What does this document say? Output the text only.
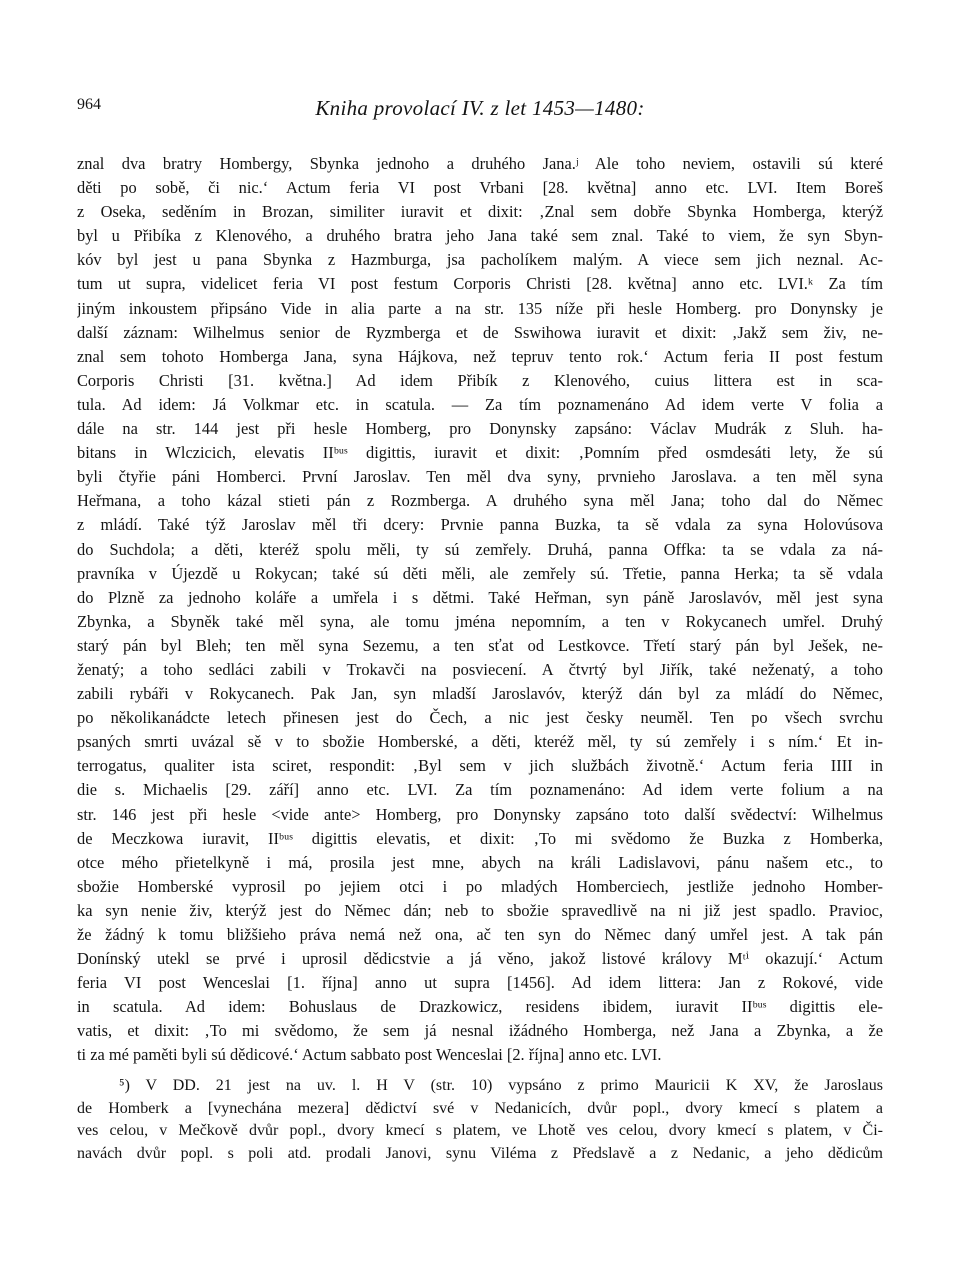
964	Kniha provolací IV. z let 1453—1480:
znal dva bratry Hombergy, Sbynka jednoho a druhého Jana.ʲ Ale toho neviem, ostavili sú které
děti po sobě, či nic.‘ Actum feria VI post Vrbani [28. května] anno etc. LVI. Item Boreš
z Oseka, seděním in Brozan, similiter iuravit et dixit: ‚Znal sem dobře Sbynka Homberga, kterýž
byl u Přibíka z Klenového, a druhého bratra jeho Jana také sem znal. Také to viem, že syn Sbyn-
kóv byl jest u pana Sbynka z Hazmburga, jsa pacholíkem malým. A viece sem jich neznal. Ac-
tum ut supra, videlicet feria VI post festum Corporis Christi [28. května] anno etc. LVI.ᵏ Za tím
jiným inkoustem připsáno Vide in alia parte a na str. 135 níže při hesle Homberg. pro Donynsky je
další záznam: Wilhelmus senior de Ryzmberga et de Sswihowa iuravit et dixit: ‚Jakž sem živ, ne-
znal sem tohoto Homberga Jana, syna Hájkova, než tepruv tento rok.‘ Actum feria II post festum
Corporis Christi [31. května.] Ad idem Přibík z Klenového, cuius littera est in sca-
tula. Ad idem: Já Volkmar etc. in scatula. — Za tím poznamenáno Ad idem verte V folia a
dále na str. 144 jest při hesle Homberg, pro Donynsky zapsáno: Václav Mudrák z Sluh. ha-
bitans in Wlczicich, elevatis IIᵇᵘˢ digittis, iuravit et dixit: ‚Pomním před osmdesáti lety, že sú
byli čtyřie páni Homberci. První Jaroslav. Ten měl dva syny, prvnieho Jaroslava. a ten měl syna
Heřmana, a toho kázal stieti pán z Rozmberga. A druhého syna měl Jana; toho dal do Němec
z mládí. Také týž Jaroslav měl tři dcery: Prvnie panna Buzka, ta sě vdala za syna Holovúsova
do Suchdola; a děti, kteréž spolu měli, ty sú zemřely. Druhá, panna Offka: ta se vdala za ná-
pravníka v Újezdě u Rokycan; také sú děti měli, ale zemřely sú. Třetie, panna Herka; ta sě vdala
do Plzně za jednoho koláře a umřela i s dětmi. Také Heřman, syn páně Jaroslavóv, měl jest syna
Zbynka, a Sbyněk také měl syna, ale tomu jména nepomním, a ten v Rokycanech umřel. Druhý
starý pán byl Bleh; ten měl syna Sezemu, a ten sťat od Lestkovce. Třetí starý pán byl Ješek, ne-
ženatý; a toho sedláci zabili v Trokavči na posviecení. A čtvrtý byl Jiřík, také neženatý, a toho
zabili rybáři v Rokycanech. Pak Jan, syn mladší Jaroslavóv, kterýž dán byl za mládí do Němec,
po několikanádcte letech přinesen jest do Čech, a nic jest česky neuměl. Ten po všech svrchu
psaných smrti uvázal sě v to sbožie Homberské, a děti, kteréž měl, ty sú zemřely i s ním.‘ Et in-
terrogatus, qualiter ista sciret, respondit: ‚Byl sem v jich službách životně.‘ Actum feria IIII in
die s. Michaelis [29. září] anno etc. LVI. Za tím poznamenáno: Ad idem verte folium a na
str. 146 jest při hesle <vide ante> Homberg, pro Donynsky zapsáno toto další svědectví: Wilhelmus
de Meczkowa iuravit, IIᵇᵘˢ digittis elevatis, et dixit: ‚To mi svědomo že Buzka z Homberka,
otce mého přietelkyně i má, prosila jest mne, abych na králi Ladislavovi, pánu našem etc., to
sbožie Homberské vyprosil po jejiem otci i po mladých Homberciech, jestliže jednoho Homber-
ka syn nenie živ, kterýž jest do Němec dán; neb to sbožie spravedlivě na ni již jest spadlo. Pravioc,
že žádný k tomu bližšieho práva nemá než ona, ač ten syn do Němec daný umřel jest. A tak pán
Donínský utekl se prvé i uprosil dědicstvie a já věno, jakož listové královy Mᵗⁱ okazují.‘ Actum
feria VI post Wenceslai [1. října] anno ut supra [1456]. Ad idem littera: Jan z Rokové, vide
in scatula. Ad idem: Bohuslaus de Drazkowicz, residens ibidem, iuravit IIᵇᵘˢ digittis ele-
vatis, et dixit: ‚To mi svědomo, že sem já nesnal ižádného Homberga, než Jana a Zbynka, a že
ti za mé paměti byli sú dědicové.‘ Actum sabbato post Wenceslai [2. října] anno etc. LVI.
⁵) V DD. 21 jest na uv. l. H V (str. 10) vypsáno z primo Mauricii K XV, že Jaroslaus
de Homberk a [vynechána mezera] dědictví své v Nedanicích, dvůr popl., dvory kmecí s platem a
ves celou, v Mečkově dvůr popl., dvory kmecí s platem, ve Lhotě ves celou, dvory kmecí s platem, v Či-
navách dvůr popl. s poli atd. prodali Janovi, synu Viléma z Předslavě a z Nedanic, a jeho dědicům
